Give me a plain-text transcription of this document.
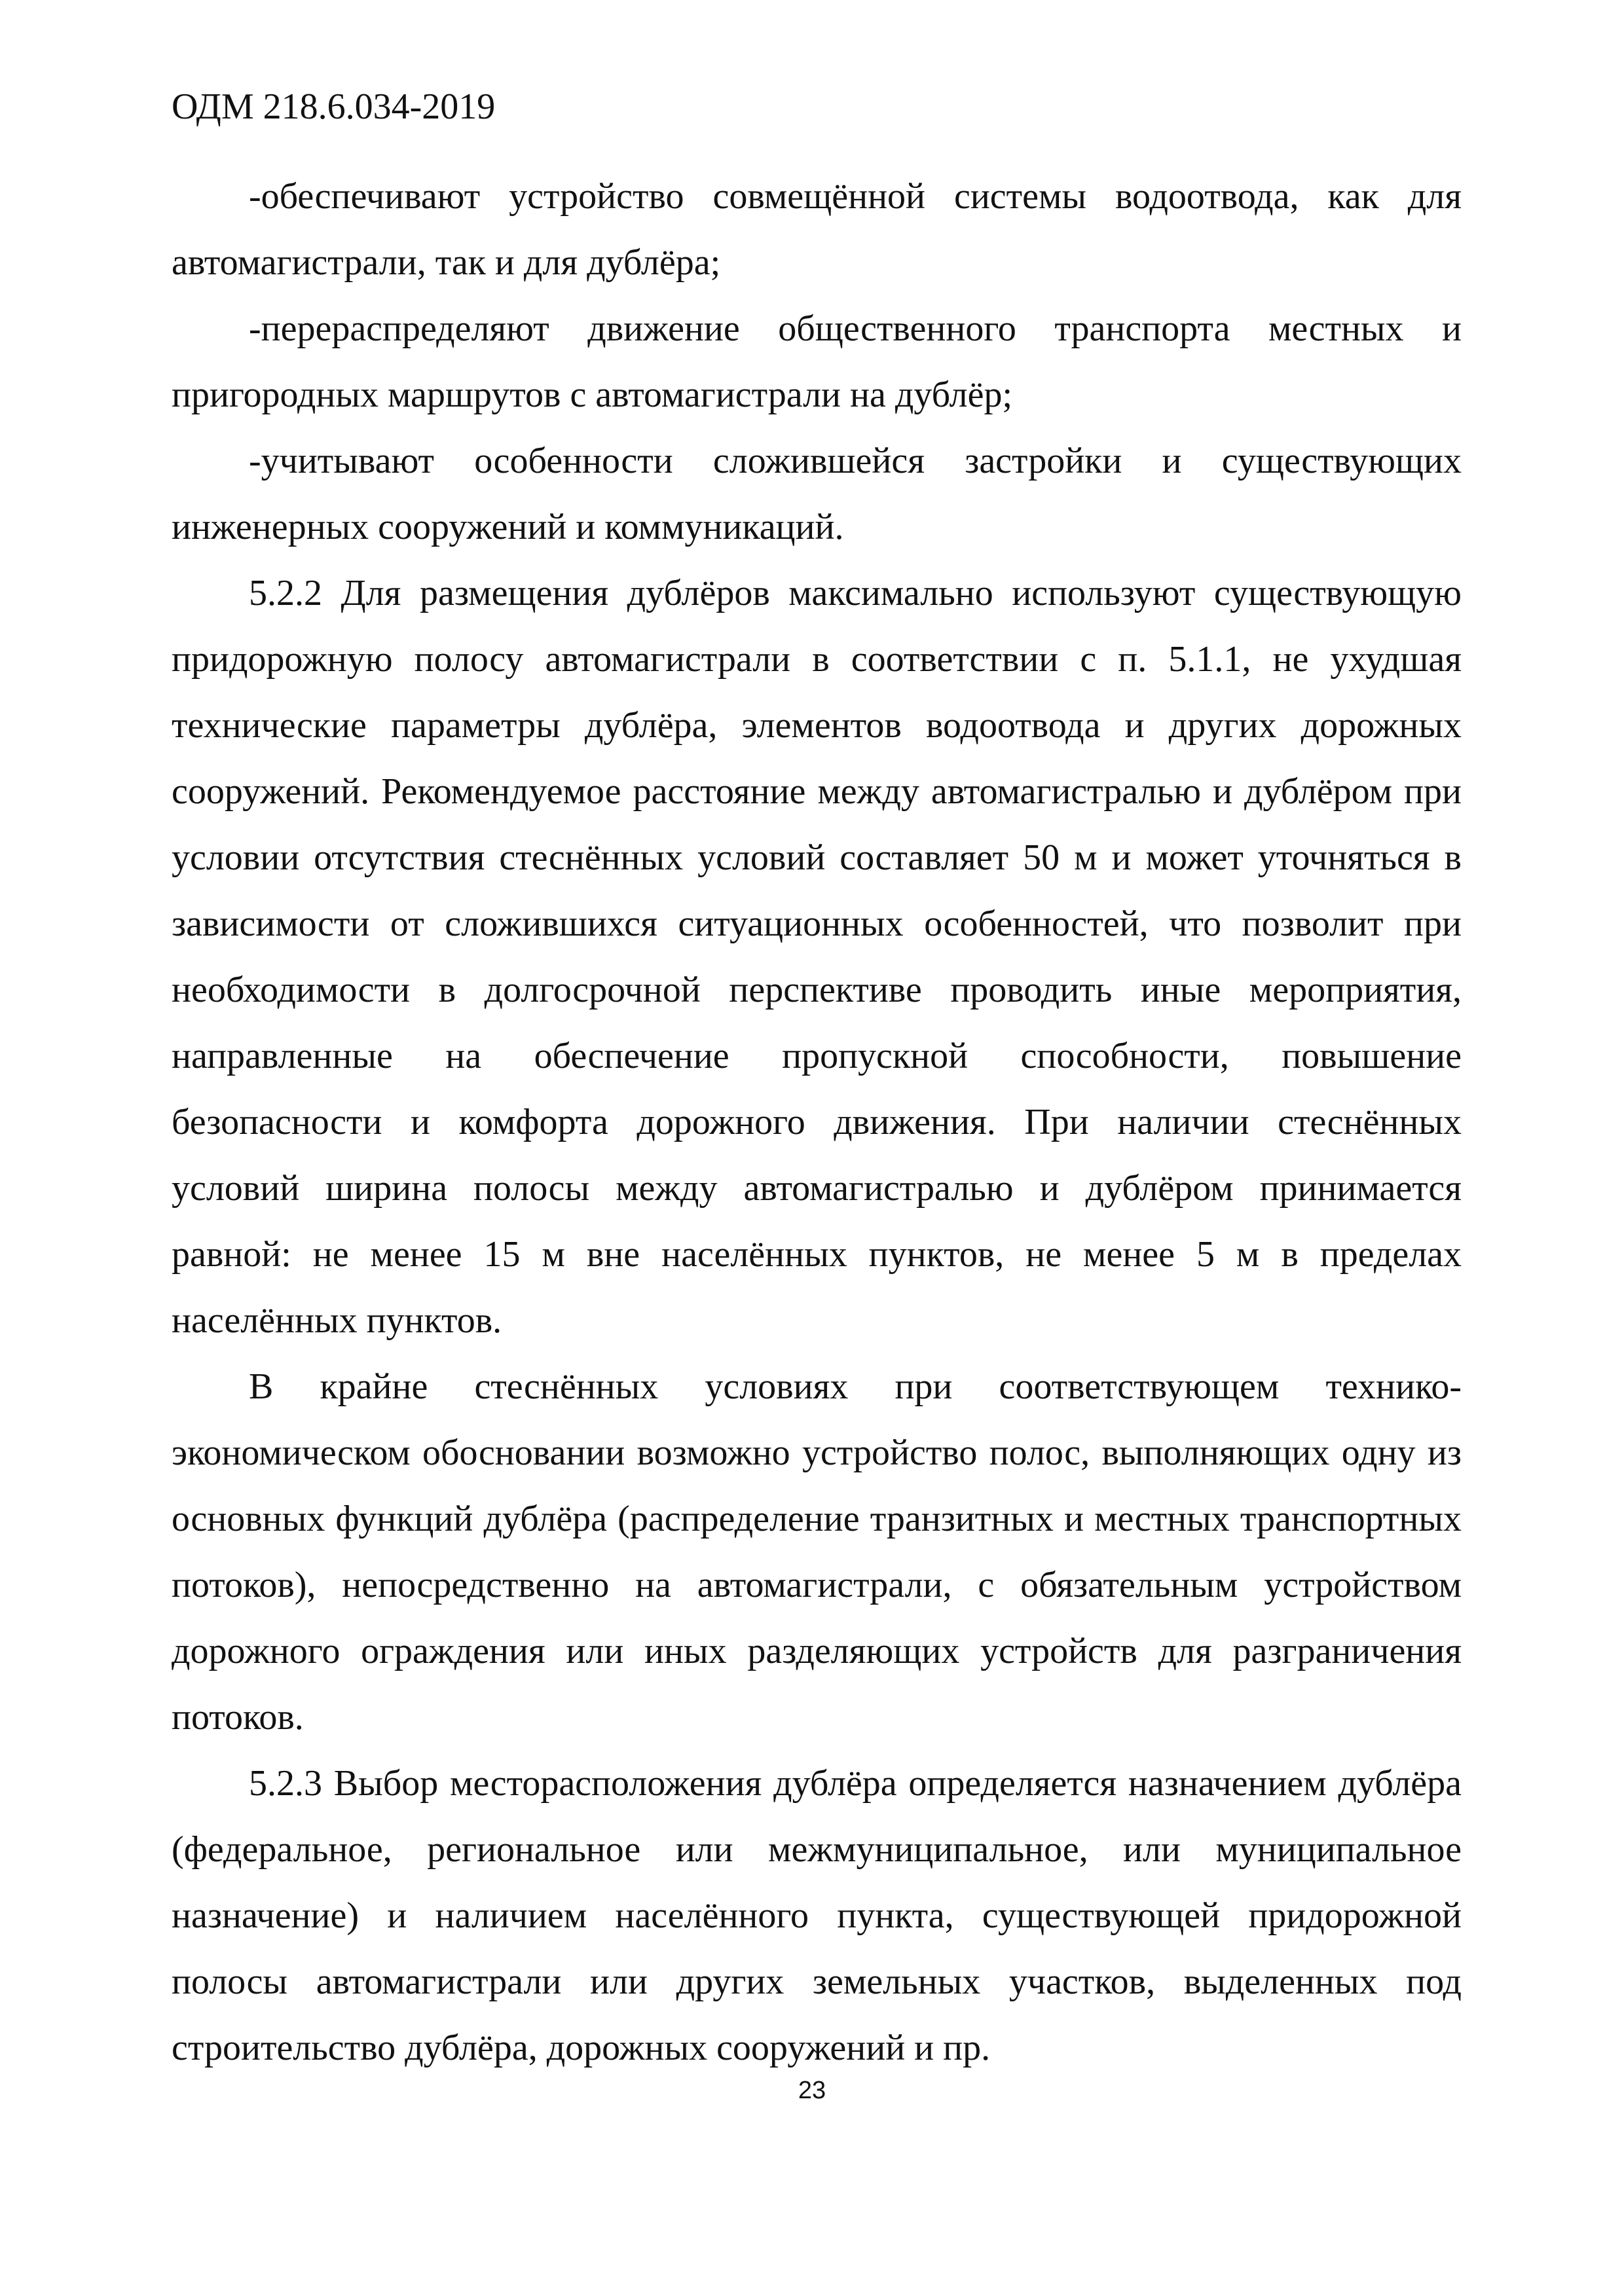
ОДМ 218.6.034-2019

-обеспечивают устройство совмещённой системы водоотвода, как для автомагистрали, так и для дублёра;

-перераспределяют движение общественного транспорта местных и пригородных маршрутов с автомагистрали на дублёр;

-учитывают особенности сложившейся застройки и существующих инженерных сооружений и коммуникаций.

5.2.2 Для размещения дублёров максимально используют существующую придорожную полосу автомагистрали в соответствии с п. 5.1.1, не ухудшая технические параметры дублёра, элементов водоотвода и других дорожных сооружений. Рекомендуемое расстояние между автомагистралью и дублёром при условии отсутствия стеснённых условий составляет 50 м и может уточняться в зависимости от сложившихся ситуационных особенностей, что позволит при необходимости в долгосрочной перспективе проводить иные мероприятия, направленные на обеспечение пропускной способности, повышение безопасности и комфорта дорожного движения. При наличии стеснённых условий ширина полосы между автомагистралью и дублёром принимается равной: не менее 15 м вне населённых пунктов, не менее 5 м в пределах населённых пунктов.

В крайне стеснённых условиях при соответствующем технико-экономическом обосновании возможно устройство полос, выполняющих одну из основных функций дублёра (распределение транзитных и местных транспортных потоков), непосредственно на автомагистрали, с обязательным устройством дорожного ограждения или иных разделяющих устройств для разграничения потоков.

5.2.3 Выбор месторасположения дублёра определяется назначением дублёра (федеральное, региональное или межмуниципальное, или муниципальное назначение) и наличием населённого пункта, существующей придорожной полосы автомагистрали или других земельных участков, выделенных под строительство дублёра, дорожных сооружений и пр.

23
